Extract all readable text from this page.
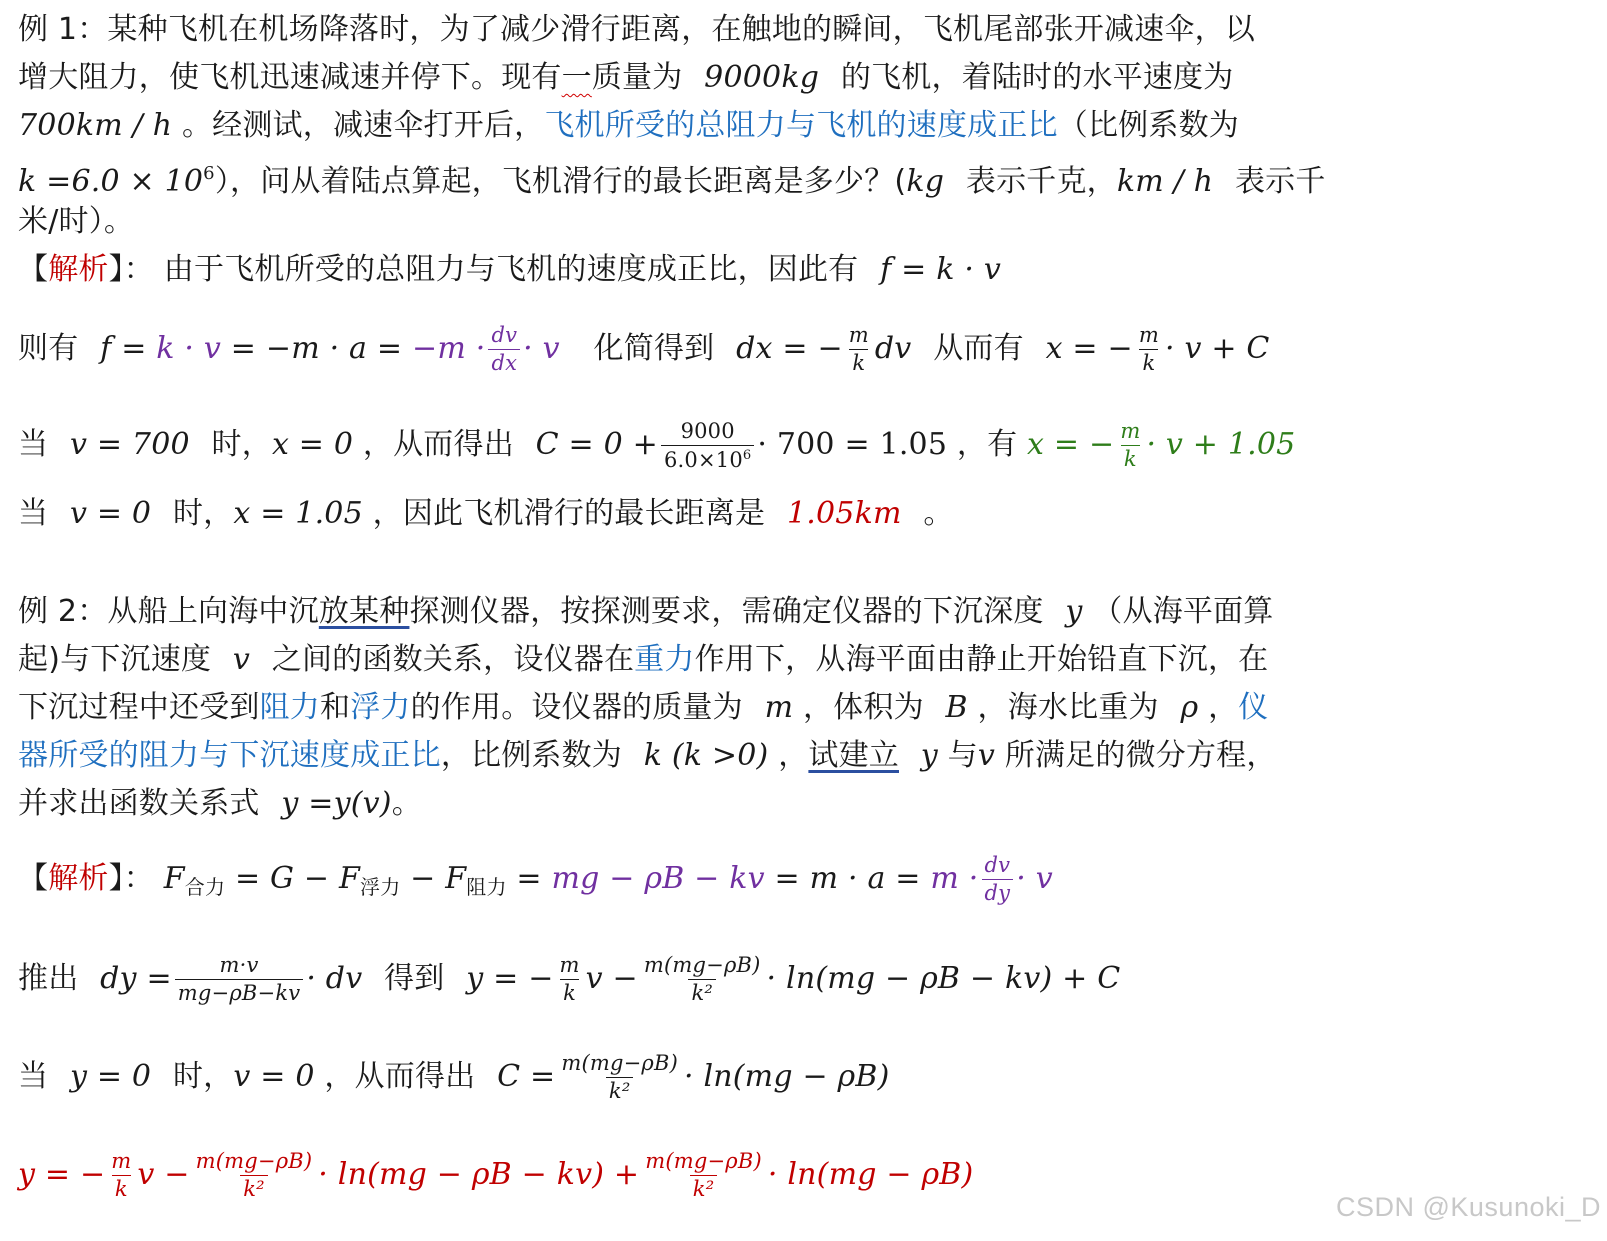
例 1：某种飞机在机场降落时，为了减少滑行距离，在触地的瞬间，飞机尾部张开减速伞，以
增大阻力，使飞机迅速减速并停下。现有一质量为 9000kg 的飞机，着陆时的水平速度为
700km / h 。经测试，减速伞打开后，飞机所受的总阻力与飞机的速度成正比（比例系数为
$k =6.0 \times 10^6$），问从着陆点算起，飞机滑行的最长距离是多少？(kg 表示千克，km / h 表示千
米/时）。
【解析】： 由于飞机所受的总阻力与飞机的速度成正比，因此有 f = k · v
则有 $f = k \cdot v = -m \cdot a = -m \cdot \frac{dv}{dx} \cdot v$ 化简得到 dx = − $\frac{m}{k}$ dv 从而有 x = − $\frac{m}{k} \cdot v + C$
当 v = 700 时，x = 0 ，从而得出 $C = 0 + \frac{9000}{6.0\times 10^6} \cdot 700 = 1.05$ ，有 x = − $\frac{m}{k} \cdot v + 1.05$
当 v = 0 时，x = 1.05 ，因此飞机滑行的最长距离是 1.05km 。
例 2：从船上向海中沉放某种探测仪器，按探测要求，需确定仪器的下沉深度 y （从海平面算
起)与下沉速度 v 之间的函数关系，设仪器在重力作用下，从海平面由静止开始铅直下沉，在
下沉过程中还受到阻力和浮力的作用。设仪器的质量为 m ，体积为 B ，海水比重为 ρ ，仪
器所受的阻力与下沉速度成正比，比例系数为 k (k >0) ，试建立 y 与v 所满足的微分方程，
并求出函数关系式 y =y(v)。
【解析】： $F_{合力} = G - F_{浮力} - F_{阻力}$ = mg − ρB − kv = $m \cdot a = m \cdot \frac{dv}{dy} \cdot v$
推出 dy = $\frac{m\cdot v}{mg-\rho B-kv}$ · dv 得到 y = − $\frac{m}{k}$ $v - \frac{m(mg-\rho B)}{\text{k²}} \cdot \ln(mg - \rho B - kv) + C$
当 y = 0 时，v = 0 ，从而得出 $C = \frac{m(mg-\rho B)}{\text{k²}} \cdot \ln(mg - \rho B)$
y = − $\frac{m}{k}$ $v - \frac{m(mg-\rho B)}{\text{k²}} \cdot \ln(mg - \rho B - kv) + \frac{m(mg-\rho B)}{\text{k²}} \cdot \ln(mg - \rho B)$
CSDN @Kusunoki_D
